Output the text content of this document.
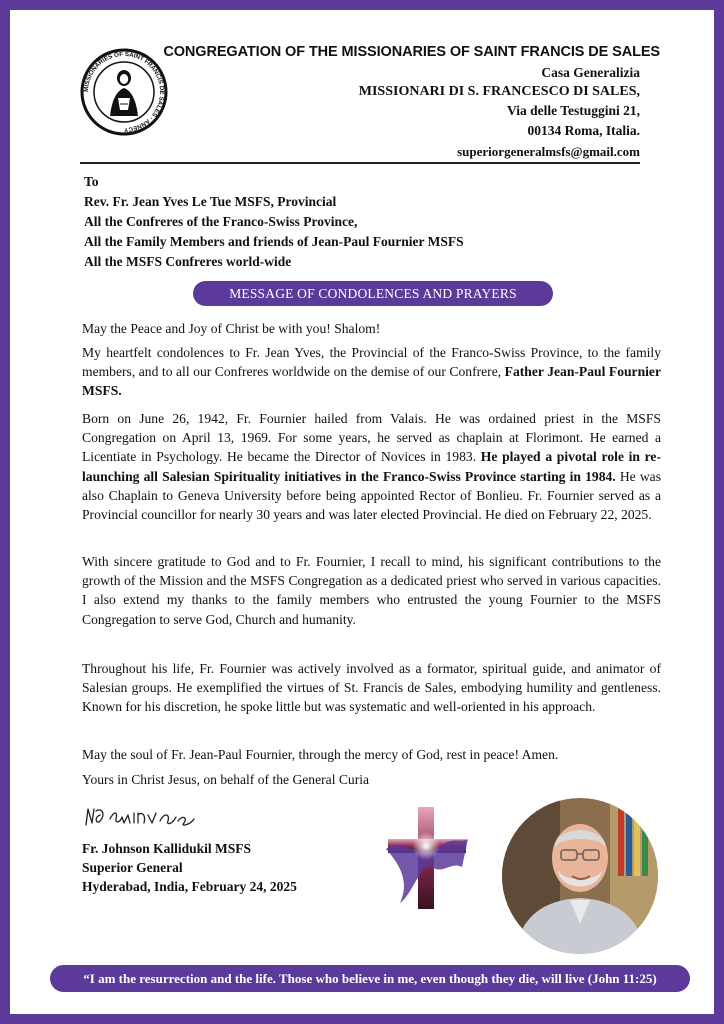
MISSIONARIES OF SAINT FRANCIS DE SALES · ANNECY
CONGREGATION OF THE MISSIONARIES OF SAINT FRANCIS DE SALES
Casa Generalizia
MISSIONARI DI S. FRANCESCO DI SALES,
Via delle Testuggini 21,
00134 Roma, Italia.
superiorgeneralmsfs@gmail.com
To
Rev. Fr. Jean Yves Le Tue MSFS, Provincial
All the Confreres of the Franco-Swiss Province,
All the Family Members and friends of Jean-Paul Fournier MSFS
All the MSFS Confreres world-wide
MESSAGE OF CONDOLENCES AND PRAYERS
May the Peace and Joy of Christ be with you! Shalom!
My heartfelt condolences to Fr. Jean Yves, the Provincial of the Franco-Swiss Province, to the family members, and to all our Confreres worldwide on the demise of our Confrere, Father Jean-Paul Fournier MSFS.
Born on June 26, 1942, Fr. Fournier hailed from Valais. He was ordained priest in the MSFS Congregation on April 13, 1969. For some years, he served as chaplain at Florimont. He earned a Licentiate in Psychology. He became the Director of Novices in 1983. He played a pivotal role in re-launching all Salesian Spirituality initiatives in the Franco-Swiss Province starting in 1984. He was also Chaplain to Geneva University before being appointed Rector of Bonlieu. Fr. Fournier served as a Provincial councillor for nearly 30 years and was later elected Provincial. He died on February 22, 2025.
With sincere gratitude to God and to Fr. Fournier, I recall to mind, his significant contributions to the growth of the Mission and the MSFS Congregation as a dedicated priest who served in various capacities. I also extend my thanks to the family members who entrusted the young Fournier to the MSFS Congregation to serve God, Church and humanity.
Throughout his life, Fr. Fournier was actively involved as a formator, spiritual guide, and animator of Salesian groups. He exemplified the virtues of St. Francis de Sales, embodying humility and gentleness. Known for his discretion, he spoke little but was systematic and well-oriented in his approach.
May the soul of Fr. Jean-Paul Fournier, through the mercy of God, rest in peace! Amen.
Yours in Christ Jesus, on behalf of the General Curia
Fr. Johnson Kallidukil MSFS
Superior General
Hyderabad, India, February 24, 2025
“I am the resurrection and the life. Those who believe in me, even though they die, will live (John 11:25)
